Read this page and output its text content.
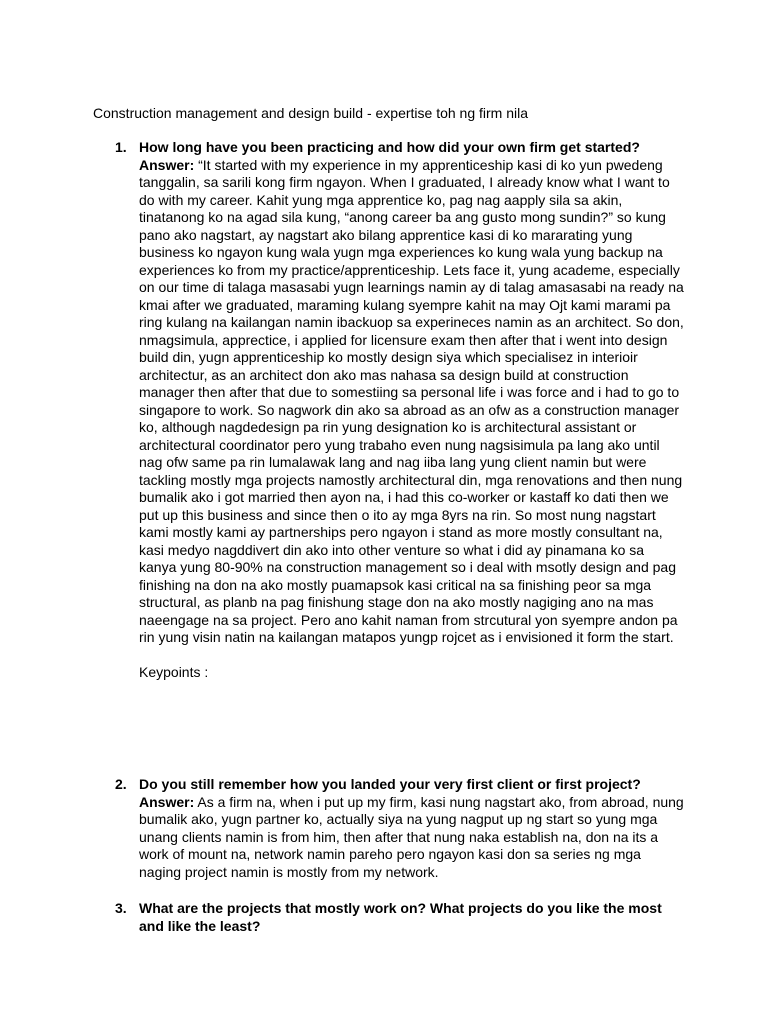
Construction management and design build - expertise toh ng firm nila
1. How long have you been practicing and how did your own firm get started?
Answer: “It started with my experience in my apprenticeship kasi di ko yun pwedeng tanggalin, sa sarili kong firm ngayon. When I graduated, I already know what I want to do with my career. Kahit yung mga apprentice ko, pag nag aapply sila sa akin, tinatanong ko na agad sila kung, “anong career ba ang gusto mong sundin?” so kung pano ako nagstart, ay nagstart ako bilang apprentice kasi di ko mararating yung business ko ngayon kung wala yugn mga experiences ko kung wala yung backup na experiences ko from my practice/apprenticeship. Lets face it, yung academe, especially on our time di talaga masasabi yugn learnings namin ay di talag amasasabi na ready na kmai after we graduated, maraming kulang syempre kahit na may Ojt kami marami pa ring kulang na kailangan namin ibackuop sa experineces namin as an architect. So don, nmagsimula, apprectice, i applied for licensure exam then after that i went into design build din, yugn apprenticeship ko mostly design siya which specialisez in interioir architectur, as an architect don ako mas nahasa sa design build at construction manager then after that due to somestiing sa personal life i was force and i had to go to singapore to work. So nagwork din ako sa abroad as an ofw as a construction manager ko, although nagdedesign pa rin yung designation ko is architectural assistant or architectural coordinator pero yung trabaho even nung nagsisimula pa lang ako until nag ofw same pa rin lumalawak lang and nag iiba lang yung client namin but were tackling mostly mga projects namostly architectural din, mga renovations and then nung bumalik ako i got married then ayon na, i had this co-worker or kastaff ko dati then we put up this business and since then o ito ay mga 8yrs na rin. So most nung nagstart kami mostly kami ay partnerships pero ngayon i stand as more mostly consultant na, kasi medyo nagddivert din ako into other venture so what i did ay pinamana ko sa kanya yung 80-90% na construction management so i deal with msotly design and pag finishing na don na ako mostly puamapsok kasi critical na sa finishing peor sa mga structural, as planb na pag finishung stage don na ako mostly nagiging ano na mas naeengage na sa project. Pero ano kahit naman from strcutural yon syempre andon pa rin yung visin natin na kailangan matapos yungp rojcet as i envisioned it form the start.
Keypoints :
2. Do you still remember how you landed your very first client or first project?
Answer: As a firm na, when i put up my firm, kasi nung nagstart ako, from abroad, nung bumalik ako, yugn partner ko, actually siya na yung nagput up ng start so yung mga unang clients namin is from him, then after that nung naka establish na, don na its a work of mount na, network namin pareho pero ngayon kasi don sa series ng mga naging project namin is mostly from my network.
3. What are the projects that mostly work on? What projects do you like the most and like the least?
